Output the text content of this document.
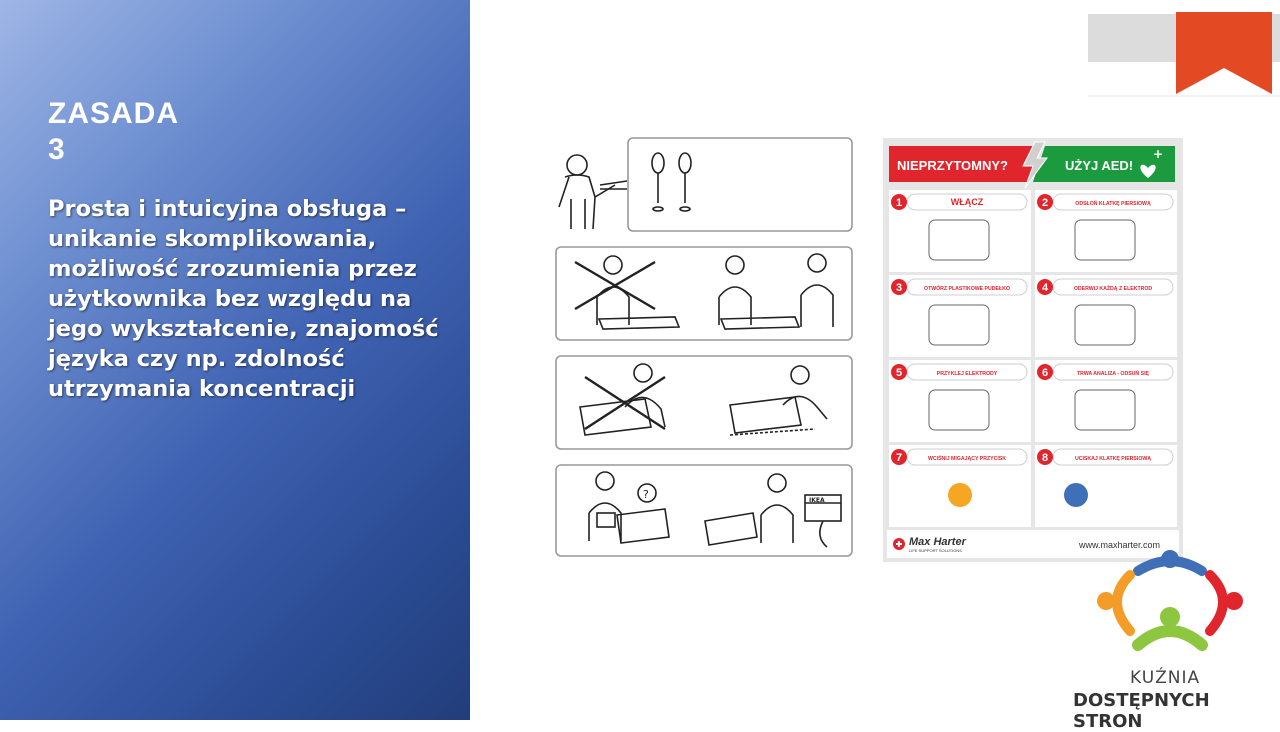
ZASADA
3
Prosta i intuicyjna obsługa – unikanie skomplikowania, możliwość zrozumienia przez użytkownika bez względu na jego wykształcenie, znajomość języka czy np. zdolność utrzymania koncentracji
?	IKEA
NIEPRZYTOMNY?	UŻYJ AED!
+
1	WŁĄCZ	2	ODSŁOŃ KLATKĘ PIERSIOWĄ
3	OTWÓRZ PLASTIKOWE PUDEŁKO	4	ODERWIJ KAŻDĄ Z ELEKTROD
5	PRZYKLEJ ELEKTRODY	6	TRWA ANALIZA - ODSUŃ SIĘ
7	WCIŚNIJ MIGAJĄCY PRZYCISK	8	UCISKAJ KLATKĘ PIERSIOWĄ
Max Harter
LIFE SUPPORT SOLUTIONS
www.maxharter.com
KUŹNIA
DOSTĘPNYCH STRON
